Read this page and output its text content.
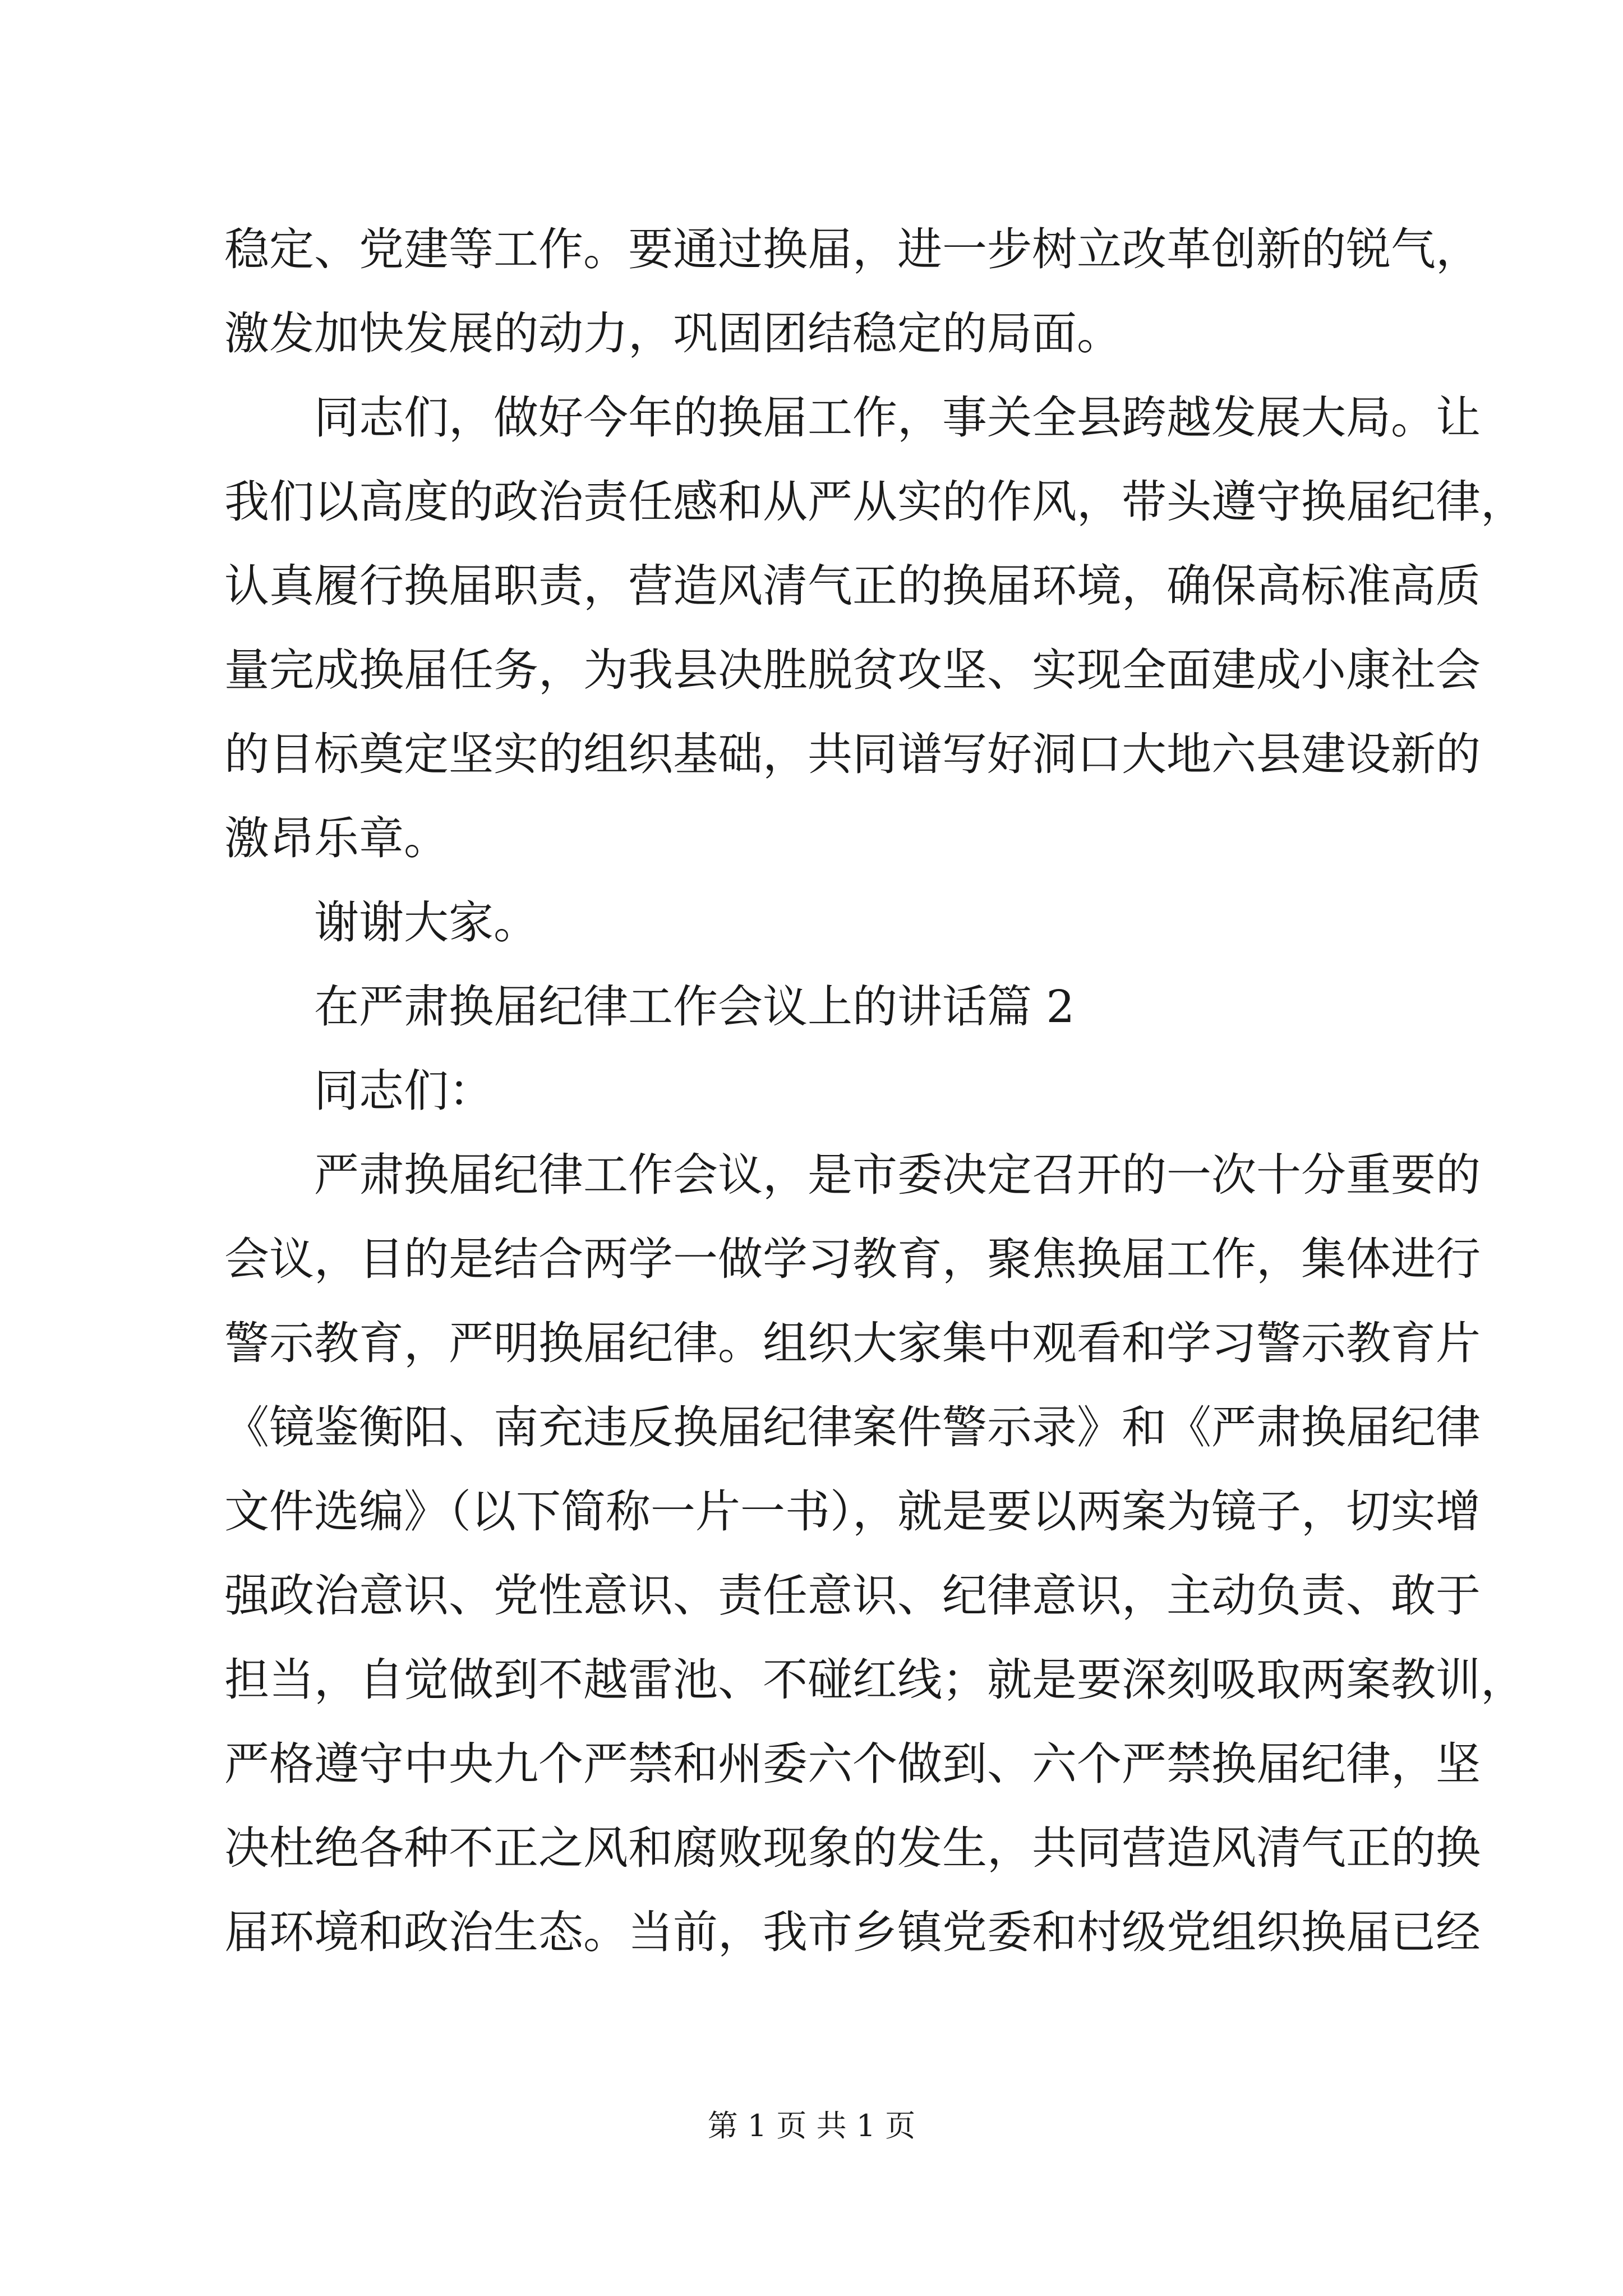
稳定、党建等工作。要通过换届，进一步树立改革创新的锐气，
激发加快发展的动力，巩固团结稳定的局面。
同志们，做好今年的换届工作，事关全县跨越发展大局。让
我们以高度的政治责任感和从严从实的作风，带头遵守换届纪律，
认真履行换届职责，营造风清气正的换届环境，确保高标准高质
量完成换届任务，为我县决胜脱贫攻坚、实现全面建成小康社会
的目标奠定坚实的组织基础，共同谱写好洞口大地六县建设新的
激昂乐章。
谢谢大家。
在严肃换届纪律工作会议上的讲话篇 2
同志们：
严肃换届纪律工作会议，是市委决定召开的一次十分重要的
会议，目的是结合两学一做学习教育，聚焦换届工作，集体进行
警示教育，严明换届纪律。组织大家集中观看和学习警示教育片
《镜鉴衡阳、南充违反换届纪律案件警示录》和《严肃换届纪律
文件选编》（以下简称一片一书），就是要以两案为镜子，切实增
强政治意识、党性意识、责任意识、纪律意识，主动负责、敢于
担当，自觉做到不越雷池、不碰红线；就是要深刻吸取两案教训，
严格遵守中央九个严禁和州委六个做到、六个严禁换届纪律，坚
决杜绝各种不正之风和腐败现象的发生，共同营造风清气正的换
届环境和政治生态。当前，我市乡镇党委和村级党组织换届已经
第 1 页 共 1 页
